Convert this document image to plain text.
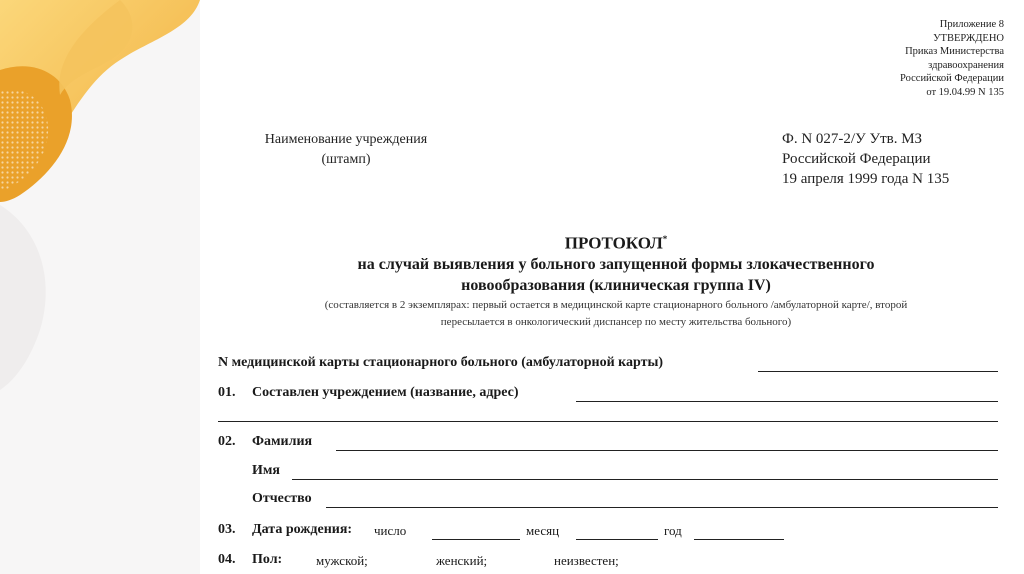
Приложение 8
УТВЕРЖДЕНО
Приказ Министерства
здравоохранения
Российской Федерации
от 19.04.99 N 135
Наименование учреждения
(штамп)
Ф. N 027-2/У Утв. МЗ
Российской Федерации
19 апреля 1999 года N 135
ПРОТОКОЛ*
на случай выявления у больного запущенной формы злокачественного
новообразования (клиническая группа IV)
(составляется в 2 экземплярах: первый остается в медицинской карте стационарного больного /амбулаторной карте/, второй
пересылается в онкологический диспансер по месту жительства больного)
N медицинской карты стационарного больного (амбулаторной карты)
01. Составлен учреждением (название, адрес)
02. Фамилия
Имя
Отчество
03. Дата рождения: число	месяц	год
04. Пол:	мужской;	женский;	неизвестен;
